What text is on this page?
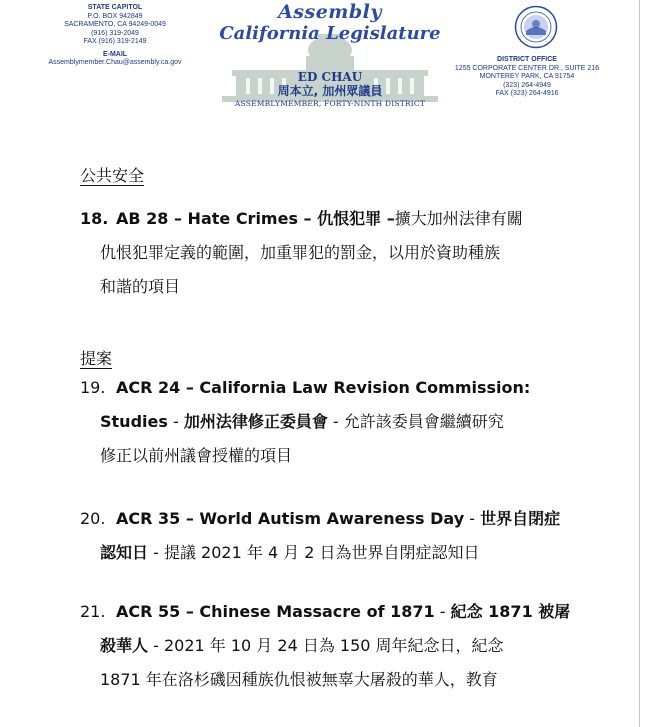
STATE CAPITOL
P.O. BOX 942849
SACRAMENTO, CA 94249-0049
(916) 319-2049
FAX (916) 319-2149
E-MAIL
Assemblymember.Chau@assembly.ca.gov
Assembly
California Legislature
ED CHAU
周本立, 加州眾議員
ASSEMBLYMEMBER, FORTY-NINTH DISTRICT
DISTRICT OFFICE
1255 CORPORATE CENTER DR., SUITE 216
MONTEREY PARK, CA 91754
(323) 264-4949
FAX (323) 264-4916
公共安全
18. AB 28 – Hate Crimes – 仇恨犯罪 –擴大加州法律有關
仇恨犯罪定義的範圍，加重罪犯的罰金，以用於資助種族
和諧的項目
提案
19. ACR 24 – California Law Revision Commission:
Studies - 加州法律修正委員會 - 允許該委員會繼續研究
修正以前州議會授權的項目
20. ACR 35 – World Autism Awareness Day - 世界自閉症
認知日 - 提議 2021 年 4 月 2 日為世界自閉症認知日
21. ACR 55 – Chinese Massacre of 1871 - 紀念 1871 被屠
殺華人 - 2021 年 10 月 24 日為 150 周年紀念日，紀念
1871 年在洛杉磯因種族仇恨被無辜大屠殺的華人，教育
